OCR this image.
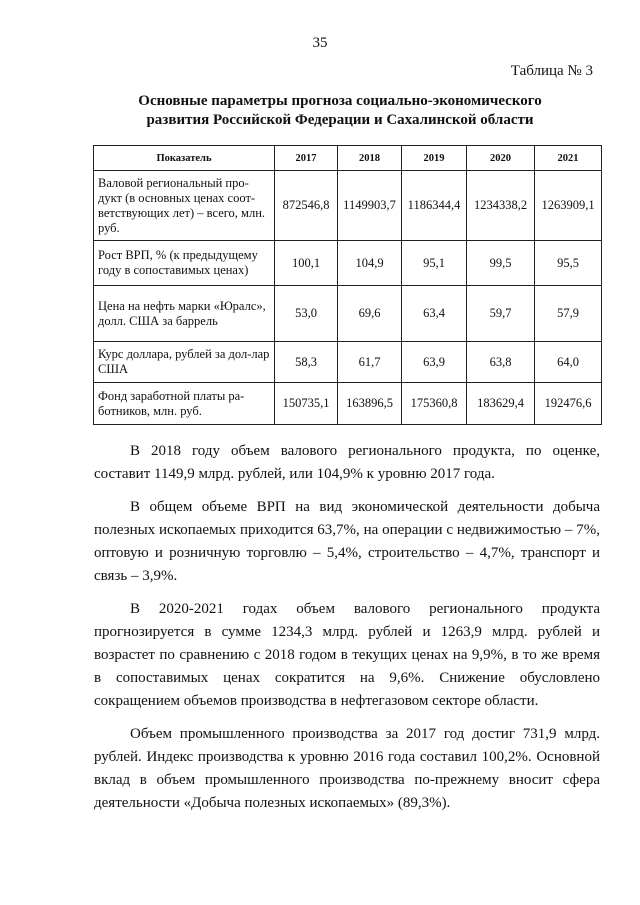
35
Таблица № 3
Основные параметры прогноза социально-экономического
развития Российской Федерации и Сахалинской области
Показатель	2017	2018	2019	2020	2021
Валовой региональный про-дукт (в основных ценах соот-ветствующих лет) – всего, млн. руб.	872546,8	1149903,7	1186344,4	1234338,2	1263909,1
Рост ВРП, % (к предыдущему году в сопоставимых ценах)	100,1	104,9	95,1	99,5	95,5
Цена на нефть марки «Юралс», долл. США за баррель	53,0	69,6	63,4	59,7	57,9
Курс доллара, рублей за дол-лар США	58,3	61,7	63,9	63,8	64,0
Фонд заработной платы ра-ботников, млн. руб.	150735,1	163896,5	175360,8	183629,4	192476,6

В 2018 году объем валового регионального продукта, по оценке, составит 1149,9 млрд. рублей, или 104,9% к уровню 2017 года.

В общем объеме ВРП на вид экономической деятельности добыча полезных ископаемых приходится 63,7%, на операции с недвижимостью – 7%, оптовую и розничную торговлю – 5,4%, строительство – 4,7%, транспорт и связь – 3,9%.

В 2020-2021 годах объем валового регионального продукта прогнозируется в сумме 1234,3 млрд. рублей и 1263,9 млрд. рублей и возрастет по сравнению с 2018 годом в текущих ценах на 9,9%, в то же время в сопоставимых ценах сократится на 9,6%. Снижение обусловлено сокращением объемов производства в нефтегазовом секторе области.

Объем промышленного производства за 2017 год достиг 731,9 млрд. рублей. Индекс производства к уровню 2016 года составил 100,2%. Основной вклад в объем промышленного производства по-прежнему вносит сфера деятельности «Добыча полезных ископаемых» (89,3%).
